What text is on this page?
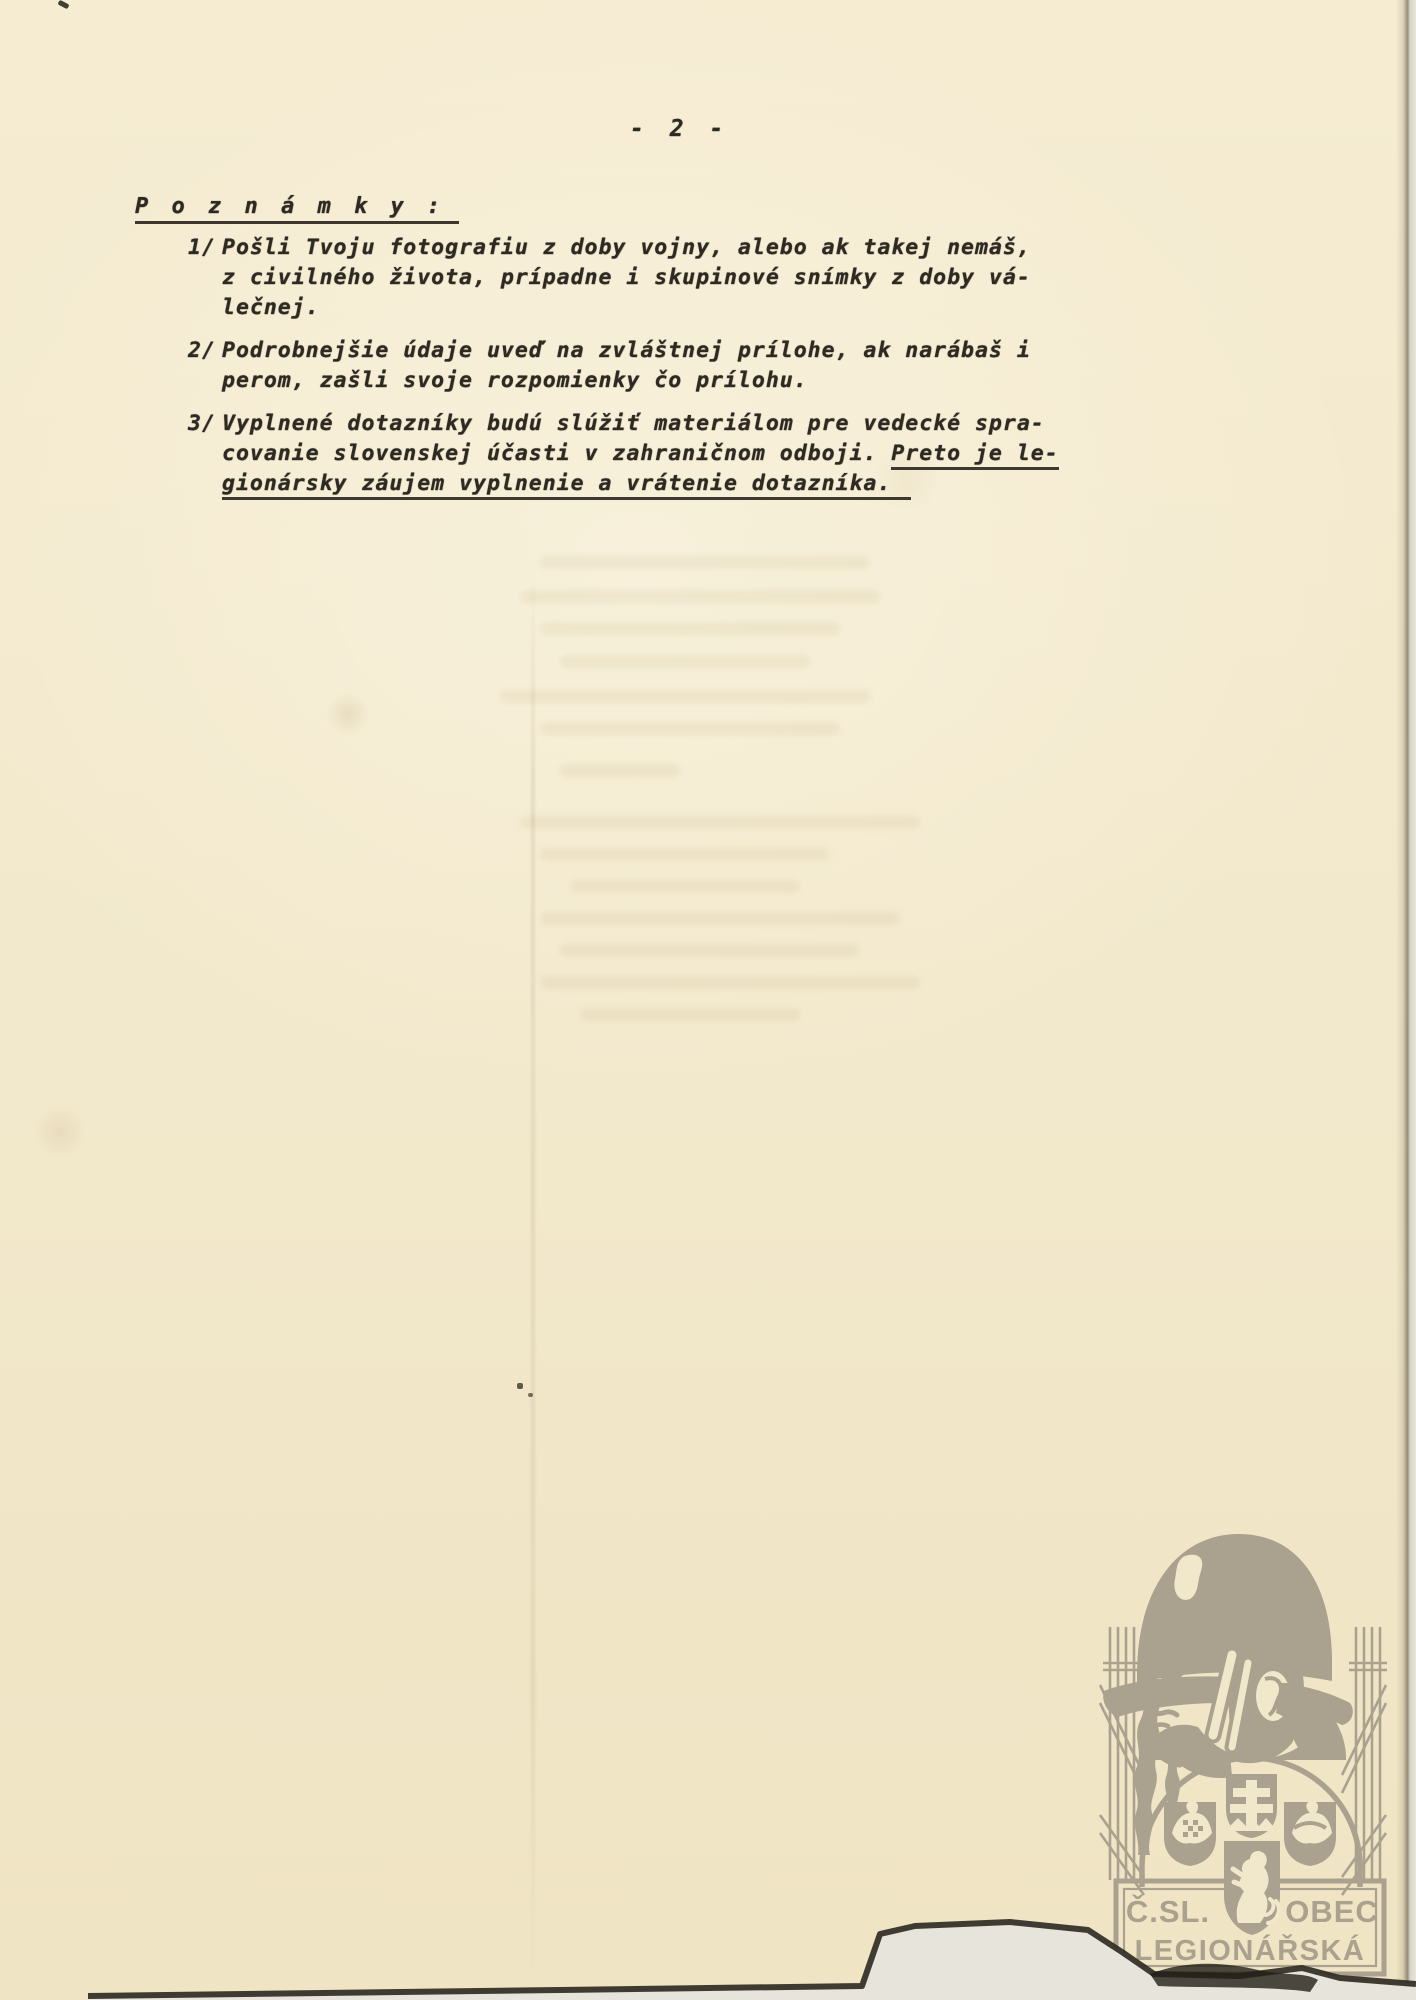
- 2 -
P o z n á m k y :
1/ Pošli Tvoju fotografiu z doby vojny, alebo ak takej nemáš,
z civilného života, prípadne i skupinové snímky z doby vá-
lečnej.
2/ Podrobnejšie údaje uveď na zvláštnej prílohe, ak narábaš i
perom, zašli svoje rozpomienky čo prílohu.
3/ Vyplnené dotazníky budú slúžiť materiálom pre vedecké spra-
covanie slovenskej účasti v zahraničnom odboji. Preto je le-
gionársky záujem vyplnenie a vrátenie dotazníka.
Č.SL. OBEC
LEGIONÁŘSKÁ
